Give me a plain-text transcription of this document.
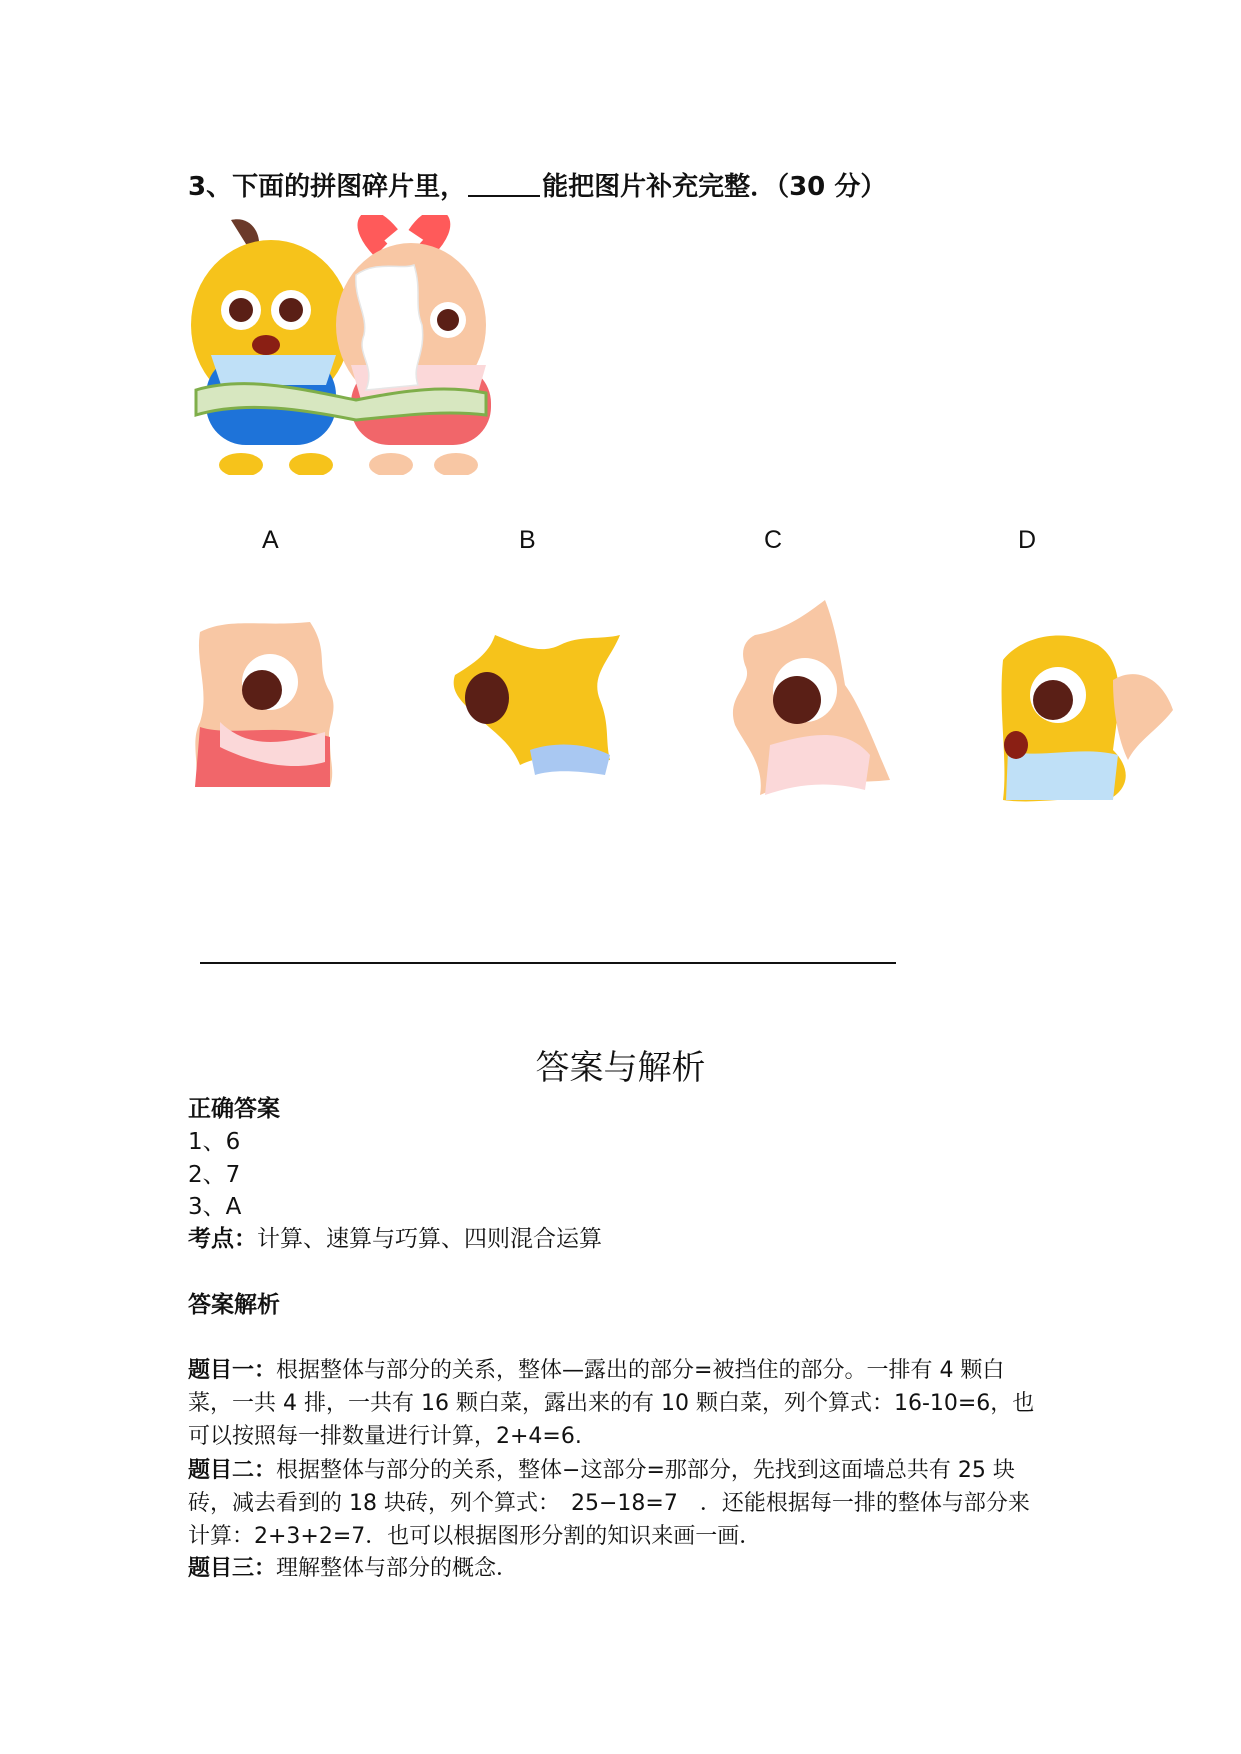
3、下面的拼图碎片里，	能把图片补充完整．（30 分）
A	B	C	D
答案与解析
正确答案
1、6
2、7
3、A
考点：计算、速算与巧算、四则混合运算
答案解析
题目一：根据整体与部分的关系，整体—露出的部分=被挡住的部分。一排有 4 颗白菜，一共 4 排，一共有 16 颗白菜，露出来的有 10 颗白菜，列个算式：16-10=6，也可以按照每一排数量进行计算，2+4=6.
题目二：根据整体与部分的关系，整体−这部分=那部分，先找到这面墙总共有 25 块砖，减去看到的 18 块砖，列个算式：　25−18=7　．还能根据每一排的整体与部分来计算：2+3+2=7．也可以根据图形分割的知识来画一画．
题目三：理解整体与部分的概念．
